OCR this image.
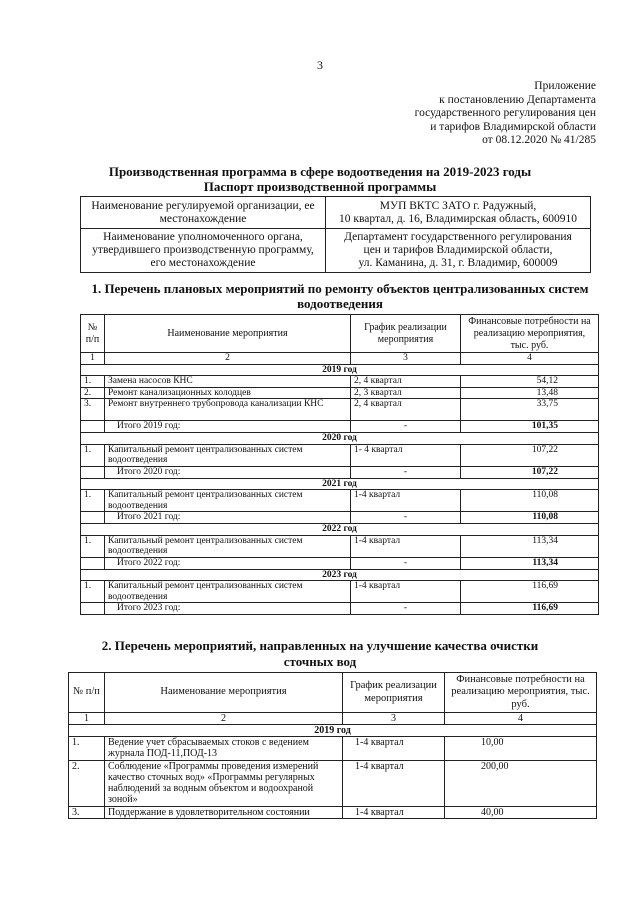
3
Приложение
к постановлению Департамента
государственного регулирования цен
и тарифов Владимирской области
от 08.12.2020 № 41/285
Производственная программа в сфере водоотведения на 2019-2023 годы
Паспорт производственной программы
Наименование регулируемой организации, ее местонахождение	МУП ВКТС ЗАТО г. Радужный,
10 квартал, д. 16, Владимирская область, 600910

Наименование уполномоченного органа, утвердившего производственную программу, его местонахождение	Департамент государственного регулирования
цен и тарифов Владимирской области,
ул. Каманина, д. 31, г. Владимир, 600009
1. Перечень плановых мероприятий по ремонту объектов централизованных систем водоотведения
№ п/п	Наименование мероприятия	График реализации мероприятия	Финансовые потребности на реализацию мероприятия, тыс. руб.
1	2	3	4
2019 год			
1.	Замена насосов КНС	2, 4 квартал	54,12
2.	Ремонт канализационных колодцев	2, 3 квартал	13,48
3.	Ремонт внутреннего трубопровода канализации КНС	2, 4 квартал	33,75
	Итого 2019 год:	-	101,35
2020 год			
1.	Капитальный ремонт централизованных систем водоотведения	1- 4 квартал	107,22
	Итого 2020 год:	-	107,22
2021 год			
1.	Капитальный ремонт централизованных систем водоотведения	1-4 квартал	110,08
	Итого 2021 год:	-	110,08
2022 год			
1.	Капитальный ремонт централизованных систем водоотведения	1-4 квартал	113,34
	Итого 2022 год:	-	113,34
2023 год			
1.	Капитальный ремонт централизованных систем водоотведения	1-4 квартал	116,69
	Итого 2023 год:	-	116,69
2. Перечень мероприятий, направленных на улучшение качества очистки
сточных вод
№ п/п	Наименование мероприятия	График реализации мероприятия	Финансовые потребности на реализацию мероприятия, тыс. руб.
1	2	3	4
2019 год			
1.	Ведение учет сбрасываемых стоков с ведением журнала ПОД-11,ПОД-13	1-4 квартал	10,00
2.	Соблюдение «Программы проведения измерений качество сточных вод» «Программы регулярных наблюдений за водным объектом и водоохраной зоной»	1-4 квартал	200,00
3.	Поддержание в удовлетворительном состоянии	1-4 квартал	40,00
